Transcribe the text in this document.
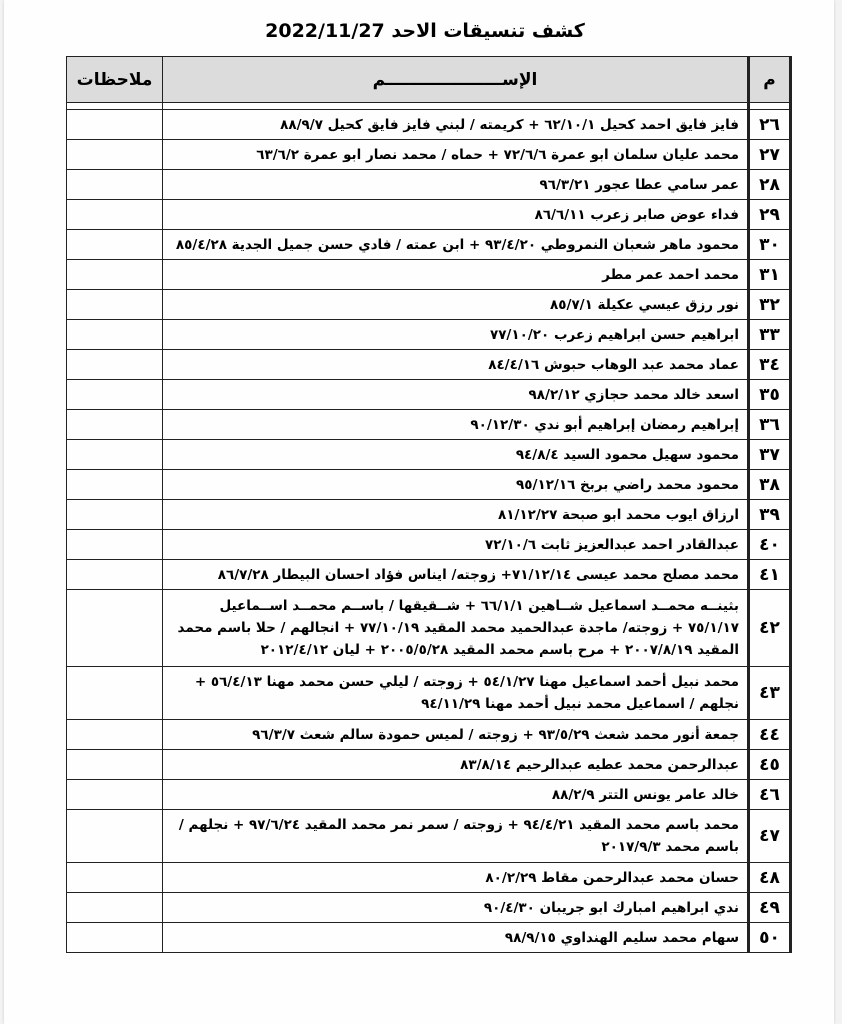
كشف تنسيقات الاحد 2022/11/27
م	الإســــــــــــــــــــم	ملاحظات

٢٦	فايز فايق احمد كحيل ٦٢/١٠/١ + كريمته / لبني فايز فايق كحيل ٨٨/٩/٧	

٢٧	محمد عليان سلمان ابو عمرة ٧٢/٦/٦ + حماه / محمد نصار ابو عمرة ٦٣/٦/٢	

٢٨	عمر سامي عطا عجور ٩٦/٣/٢١	

٢٩	فداء عوض صابر زعرب ٨٦/٦/١١	

٣٠	محمود ماهر شعبان النمروطي ٩٣/٤/٢٠ + ابن عمته / فادي حسن جميل الجدية ٨٥/٤/٢٨	

٣١	محمد احمد عمر مطر	

٣٢	نور رزق عيسي عكيلة ٨٥/٧/١	

٣٣	ابراهيم حسن ابراهيم زعرب ٧٧/١٠/٢٠	

٣٤	عماد محمد عبد الوهاب حبوش ٨٤/٤/١٦	

٣٥	اسعد خالد محمد حجازي ٩٨/٢/١٢	

٣٦	إبراهيم رمضان إبراهيم أبو ندي ٩٠/١٢/٣٠	

٣٧	محمود سهيل محمود السيد ٩٤/٨/٤	

٣٨	محمود محمد راضي بربخ ٩٥/١٢/١٦	

٣٩	ارزاق ايوب محمد ابو صبحة ٨١/١٢/٢٧	

٤٠	عبدالقادر احمد عبدالعزيز ثابت ٧٢/١٠/٦	

٤١	محمد مصلح محمد عيسى ٧١/١٢/١٤+ زوجته/ ايناس فؤاد احسان البيطار ٨٦/٧/٢٨	

٤٢	بثينــه محمــد اسماعيل شــاهين ٦٦/١/١ + شــقيقها / باســم محمــد اســماعيل ٧٥/١/١٧ + زوجته/ ماجدة عبدالحميد محمد المقيد ٧٧/١٠/١٩ + انجالهم / حلا باسم محمد المقيد ٢٠٠٧/٨/١٩ + مرح باسم محمد المقيد ٢٠٠٥/٥/٢٨ + ليان ٢٠١٢/٤/١٢	

٤٣	محمد نبيل أحمد اسماعيل مهنا ٥٤/١/٢٧ + زوجته / ليلي حسن محمد مهنا ٥٦/٤/١٣ + نجلهم / اسماعيل محمد نبيل أحمد مهنا ٩٤/١١/٢٩	

٤٤	جمعة أنور محمد شعث ٩٣/٥/٢٩ + زوجته / لميس حمودة سالم شعث ٩٦/٣/٧	

٤٥	عبدالرحمن محمد عطيه عبدالرحيم ٨٣/٨/١٤	

٤٦	خالد عامر يونس التتر ٨٨/٢/٩	

٤٧	محمد باسم محمد المقيد ٩٤/٤/٢١ + زوجته / سمر نمر محمد المقيد ٩٧/٦/٢٤ + نجلهم / باسم محمد ٢٠١٧/٩/٣	

٤٨	حسان محمد عبدالرحمن مقاط ٨٠/٢/٢٩	

٤٩	ندي ابراهيم امبارك ابو جريبان ٩٠/٤/٣٠	

٥٠	سهام محمد سليم الهنداوي ٩٨/٩/١٥	
